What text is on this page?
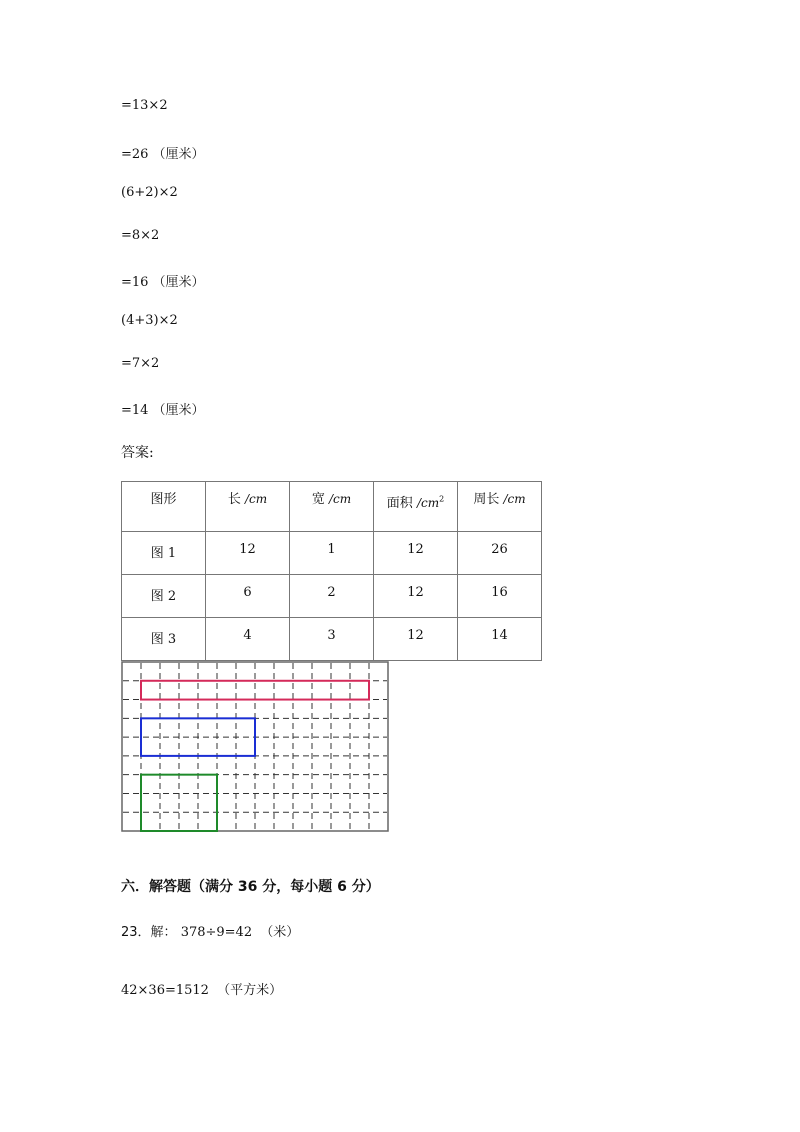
=13×2
=26 （厘米）
(6+2)×2
=8×2
=16 （厘米）
(4+3)×2
=7×2
=14 （厘米）
答案:
图形	长 /cm	宽 /cm	面积 $/cm^2$	周长 /cm
图 1	12	1	12	26
图 2	6	2	12	16
图 3	4	3	12	14
六．解答题（满分 36 分，每小题 6 分）
23．解： 378÷9=42 （米）
42×36=1512 （平方米）
